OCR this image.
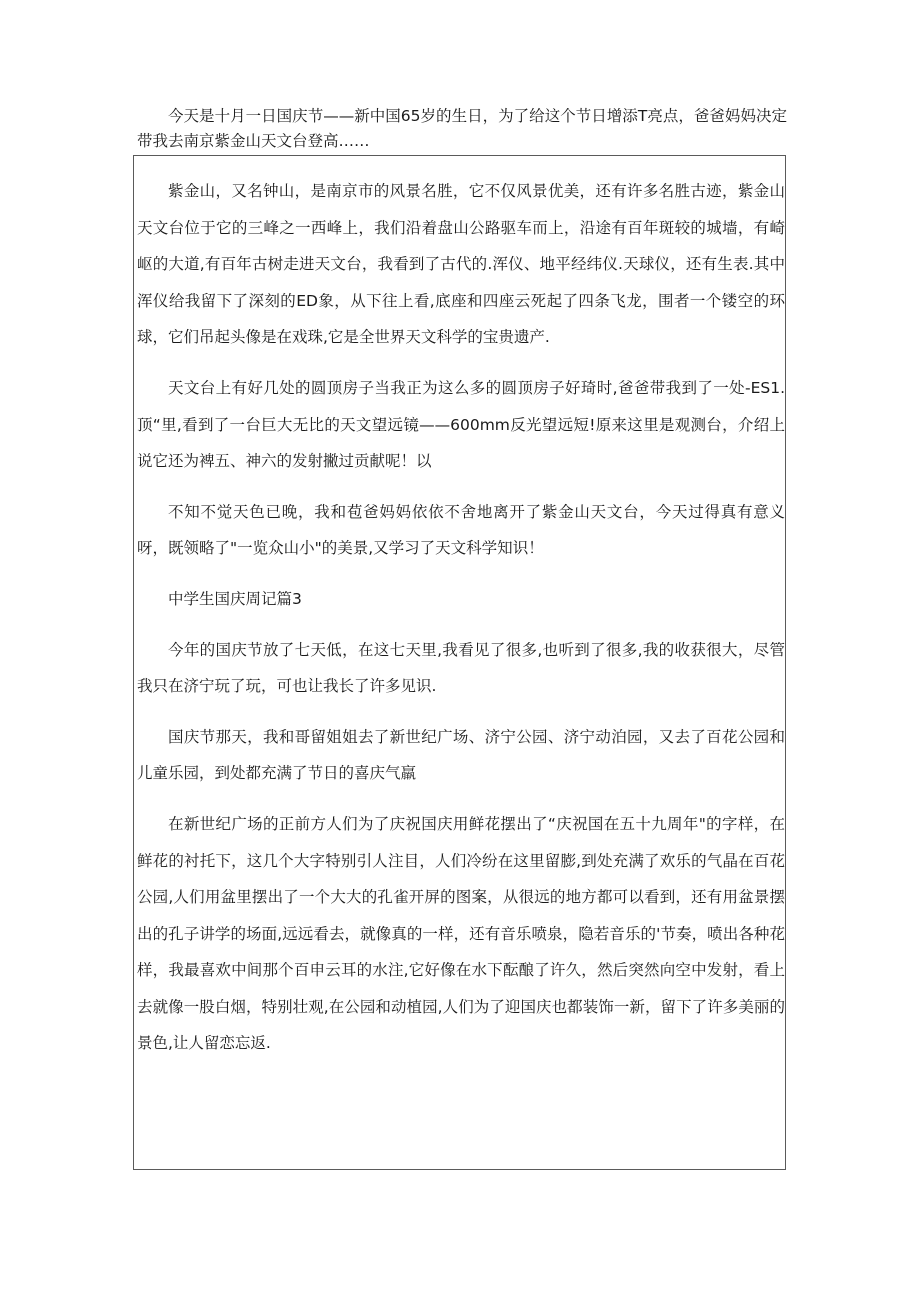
今天是十月一日国庆节——新中国65岁的生日，为了给这个节日增添T亮点，爸爸妈妈决定带我去南京紫金山天文台登高……

紫金山，又名钟山，是南京市的风景名胜，它不仅风景优美，还有许多名胜古迹，紫金山天文台位于它的三峰之一西峰上，我们沿着盘山公路驱车而上，沿途有百年斑较的城墙，有崎岖的大道,有百年古树走进天文台，我看到了古代的.浑仪、地平经纬仪.天球仪，还有生表.其中浑仪给我留下了深刻的ED象，从下往上看,底座和四座云死起了四条飞龙，围者一个镂空的环球，它们吊起头像是在戏珠,它是全世界天文科学的宝贵遗产.

天文台上有好几处的圆顶房子当我正为这么多的圆顶房子好琦时,爸爸带我到了一处-ES1.顶“里,看到了一台巨大无比的天文望远镜——600mm反光望远短!原来这里是观测台，介绍上说它还为裨五、神六的发射撇过贡献呢！以

不知不觉天色已晚，我和苞爸妈妈依依不舍地离开了紫金山天文台，今天过得真有意义呀，既领略了"一览众山小"的美景,又学习了天文科学知识！

中学生国庆周记篇3

今年的国庆节放了七天低，在这七天里,我看见了很多,也听到了很多,我的收获很大，尽管我只在济宁玩了玩，可也让我长了许多见识.

国庆节那天，我和哥留姐姐去了新世纪广场、济宁公园、济宁动泊园，又去了百花公园和儿童乐园，到处都充满了节日的喜庆气羸

在新世纪广场的正前方人们为了庆祝国庆用鲜花摆出了“庆祝国在五十九周年"的字样，在鲜花的衬托下，这几个大字特别引人注目，人们冷纷在这里留膨,到处充满了欢乐的气晶在百花公园,人们用盆里摆出了一个大大的孔雀开屏的图案，从很远的地方都可以看到，还有用盆景摆出的孔子讲学的场面,远远看去，就像真的一样，还有音乐喷泉，隐若音乐的'节奏，喷出各种花样，我最喜欢中间那个百申云耳的水注,它好像在水下酝酿了许久，然后突然向空中发射，看上去就像一股白烟，特别壮观,在公园和动植园,人们为了迎国庆也都装饰一新，留下了许多美丽的景色,让人留恋忘返.
